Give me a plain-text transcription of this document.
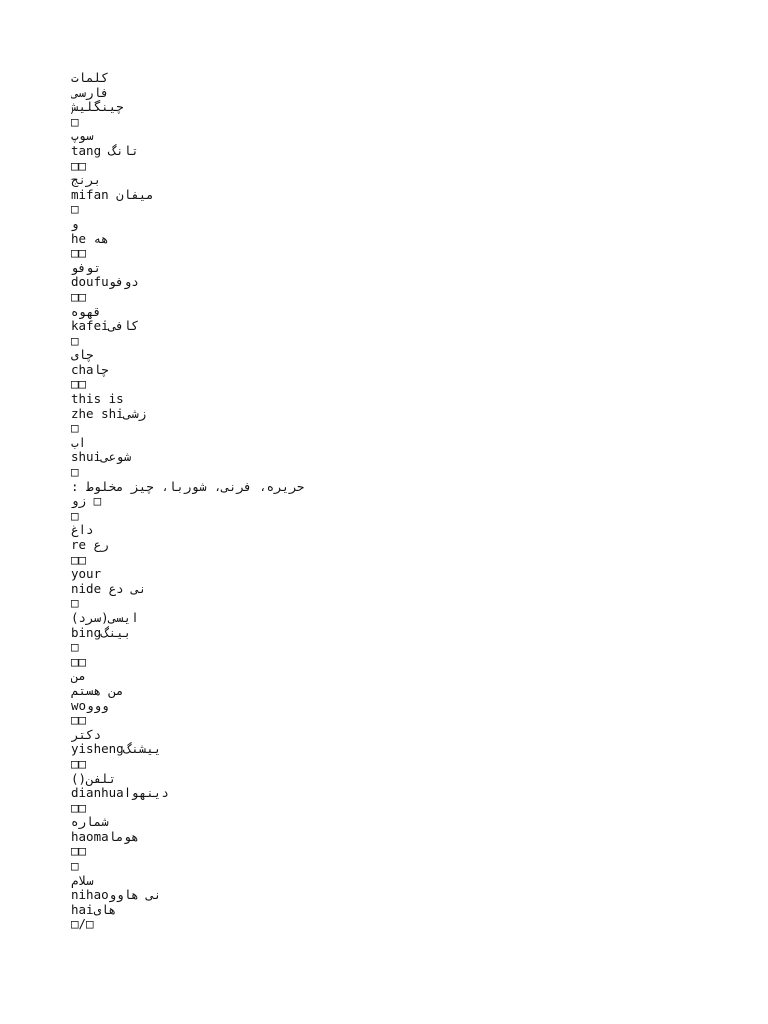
کلمات
فارسی
چینگلیش
□
سوپ
tang تانگ
□□
برنج
mifan میفان
□
و
he هه
□□
توفو
doufuدوفو
□□
قهوه
kafeiکافی
□
چای
chaچا
□□
this is
zhe shiزشی
□
اب
shuiشوعی
□
: حریره، فرنی، شوربا، چیز مخلوط
زو □
□
داغ
re رع
□□
your
nide نی دع
□
ایسی(سرد)
bingبینگ
□
□□
من
من هستم
woووو
□□
دکتر
yishengییشنگ
□□
()تلفن
dianhuaدینهوا
□□
شماره
haomaهوما
□□
□
سلام
nihaoنی هاوو
haiهای
□/□
